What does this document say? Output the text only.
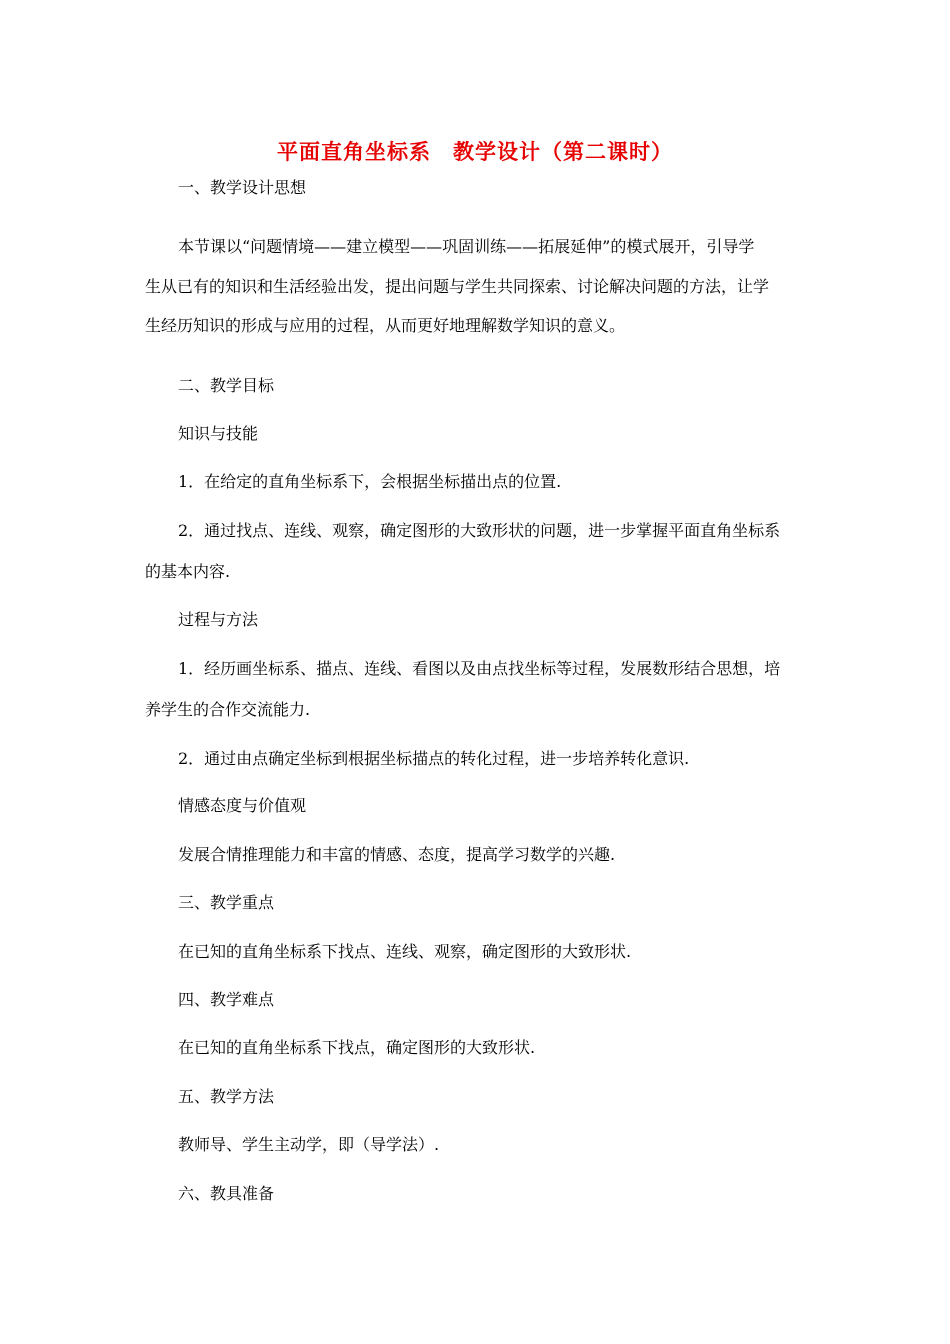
平面直角坐标系　教学设计（第二课时）
一、教学设计思想
本节课以“问题情境——建立模型——巩固训练——拓展延伸”的模式展开，引导学
生从已有的知识和生活经验出发，提出问题与学生共同探索、讨论解决问题的方法，让学
生经历知识的形成与应用的过程，从而更好地理解数学知识的意义。
二、教学目标
知识与技能
1．在给定的直角坐标系下，会根据坐标描出点的位置.
2．通过找点、连线、观察，确定图形的大致形状的问题，进一步掌握平面直角坐标系
的基本内容.
过程与方法
1．经历画坐标系、描点、连线、看图以及由点找坐标等过程，发展数形结合思想，培
养学生的合作交流能力.
2．通过由点确定坐标到根据坐标描点的转化过程，进一步培养转化意识.
情感态度与价值观
发展合情推理能力和丰富的情感、态度，提高学习数学的兴趣.
三、教学重点
在已知的直角坐标系下找点、连线、观察，确定图形的大致形状.
四、教学难点
在已知的直角坐标系下找点，确定图形的大致形状.
五、教学方法
教师导、学生主动学，即（导学法）.
六、教具准备
